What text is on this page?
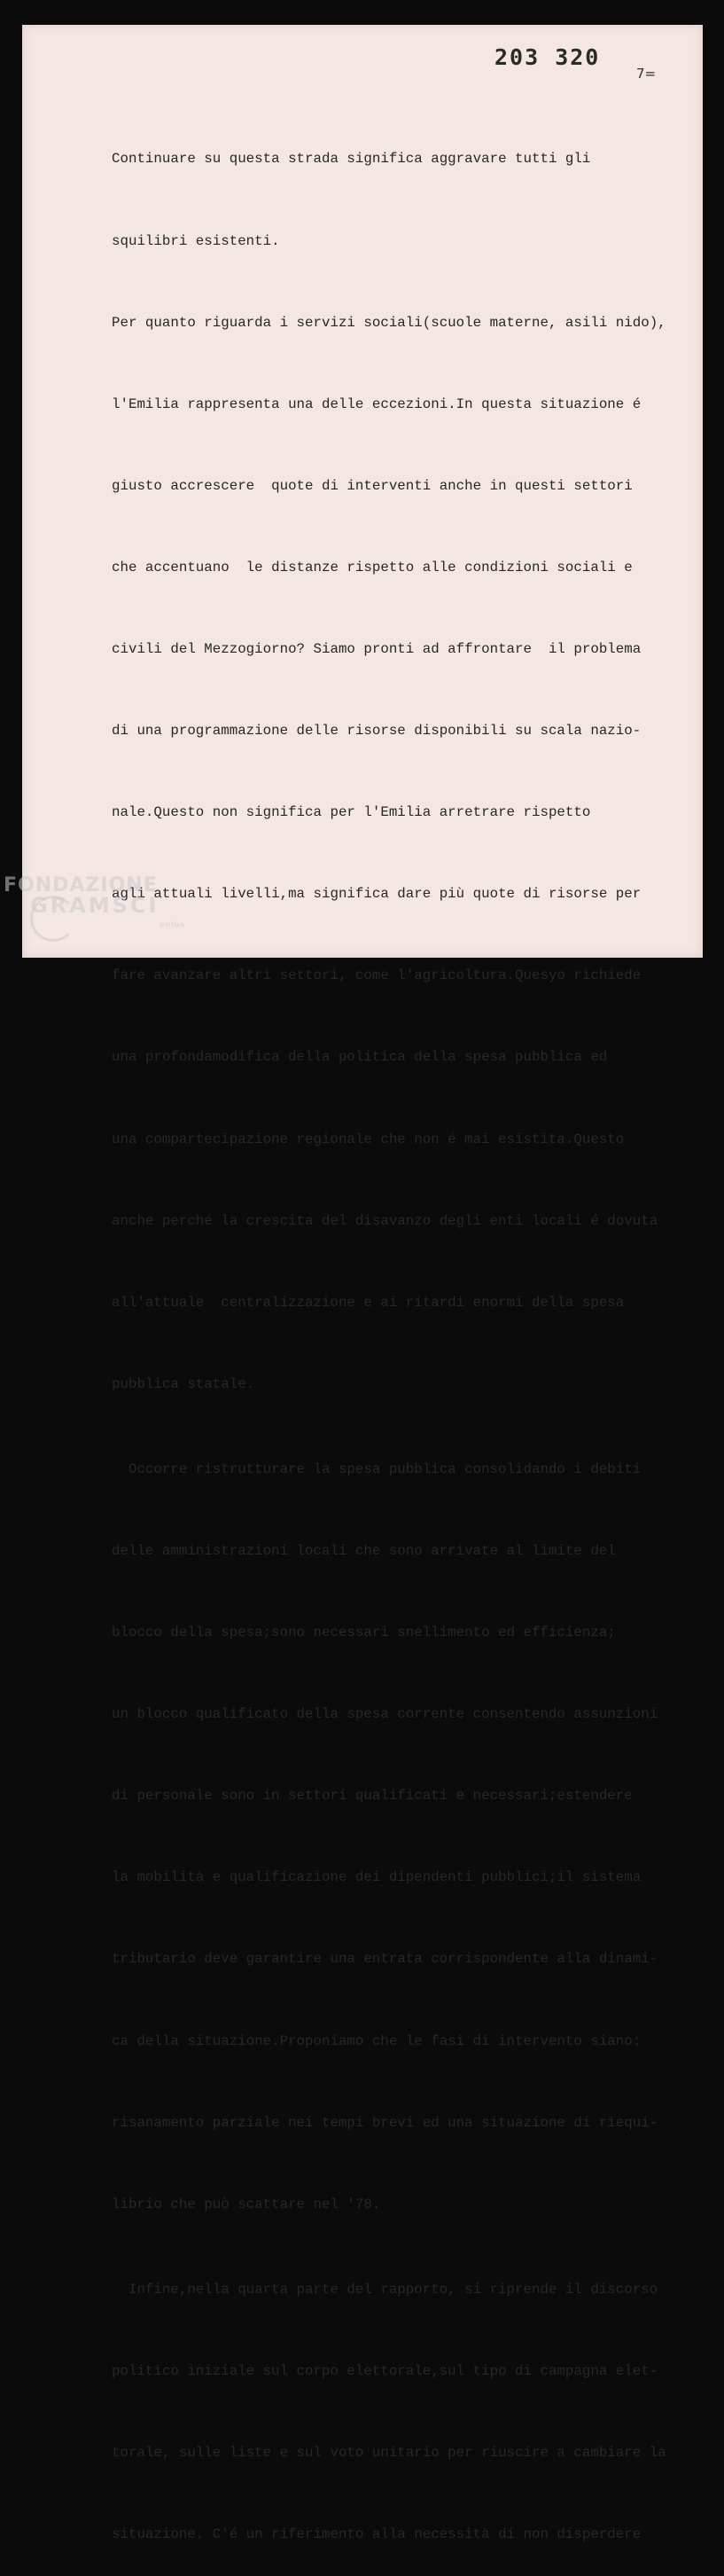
203 320
7=

Continuare su questa strada significa aggravare tutti gli

squilibri esistenti.

Per quanto riguarda i servizi sociali(scuole materne, asili nido),

l'Emilia rappresenta una delle eccezioni.In questa situazione é

giusto accrescere  quote di interventi anche in questi settori

che accentuano  le distanze rispetto alle condizioni sociali e

civili del Mezzogiorno? Siamo pronti ad affrontare  il problema

di una programmazione delle risorse disponibili su scala nazio-

nale.Questo non significa per l'Emilia arretrare rispetto

agli attuali livelli,ma significa dare più quote di risorse per

fare avanzare altri settori, come l'agricoltura.Quesyo richiede

una profondamodifica della politica della spesa pubblica ed

una compartecipazione regionale che non é mai esistita.Questo

anche perché la crescita del disavanzo degli enti locali é dovuta

all'attuale  centralizzazione e ai ritardi enormi della spesa

pubblica statale.

Occorre ristrutturare la spesa pubblica consolidando i debiti

delle amministrazioni locali che sono arrivate al limite del

blocco della spesa;sono necessari snellimento ed efficienza;

un blocco qualificato della spesa corrente consentendo assunzioni

di personale sono in settori qualificati e necessari;estendere

la mobilità e qualificazione dei dipendenti pubblici;il sistema

tributario deve garantire una entrata corrispondente alla dinami-

ca della situazione.Proponiamo che le fasi di intervento siano:

risanamento parziale nei tempi brevi ed una situazione di riequi-

librio che può scattare nel '78.

Infine,nella quarta parte del rapporto, si riprende il discorso

politico iniziale sul corpo elettorale,sul tipo di campagna elet-

torale, sulle liste e sul voto unitario per riuscire a cambiare la

situazione. C'é un riferimento alla necessità di non disperdere

FONDAZIONE
GRAMSCI
onlus
